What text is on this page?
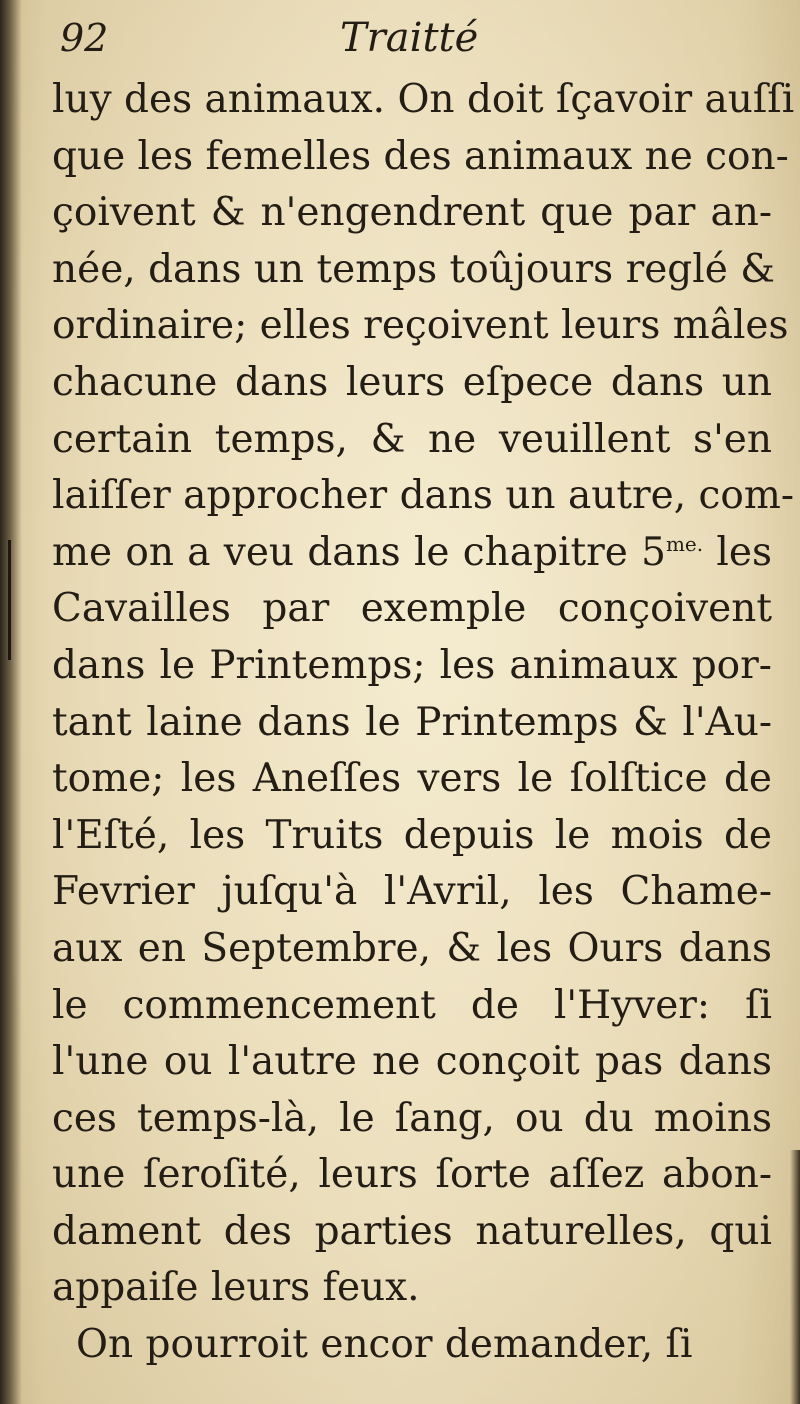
92	Traitté
luy des animaux. On doit ſçavoir auſſi
que les femelles des animaux ne con-
çoivent & n'engendrent que par an-
née, dans un temps toûjours reglé &
ordinaire; elles reçoivent leurs mâles
chacune dans leurs eſpece dans un
certain temps, & ne veuillent s'en
laiſſer approcher dans un autre, com-
me on a veu dans le chapitre $5^{me.}$ les
Cavailles par exemple conçoivent
dans le Printemps; les animaux por-
tant laine dans le Printemps & l'Au-
tome; les Aneſſes vers le ſolſtice de
l'Eſté, les Truits depuis le mois de
Fevrier juſqu'à l'Avril, les Chame-
aux en Septembre, & les Ours dans
le commencement de l'Hyver: ſi
l'une ou l'autre ne conçoit pas dans
ces temps-là, le ſang, ou du moins
une ſeroſité, leurs ſorte aſſez abon-
dament des parties naturelles, qui
appaiſe leurs feux.
On pourroit encor demander, ſi
